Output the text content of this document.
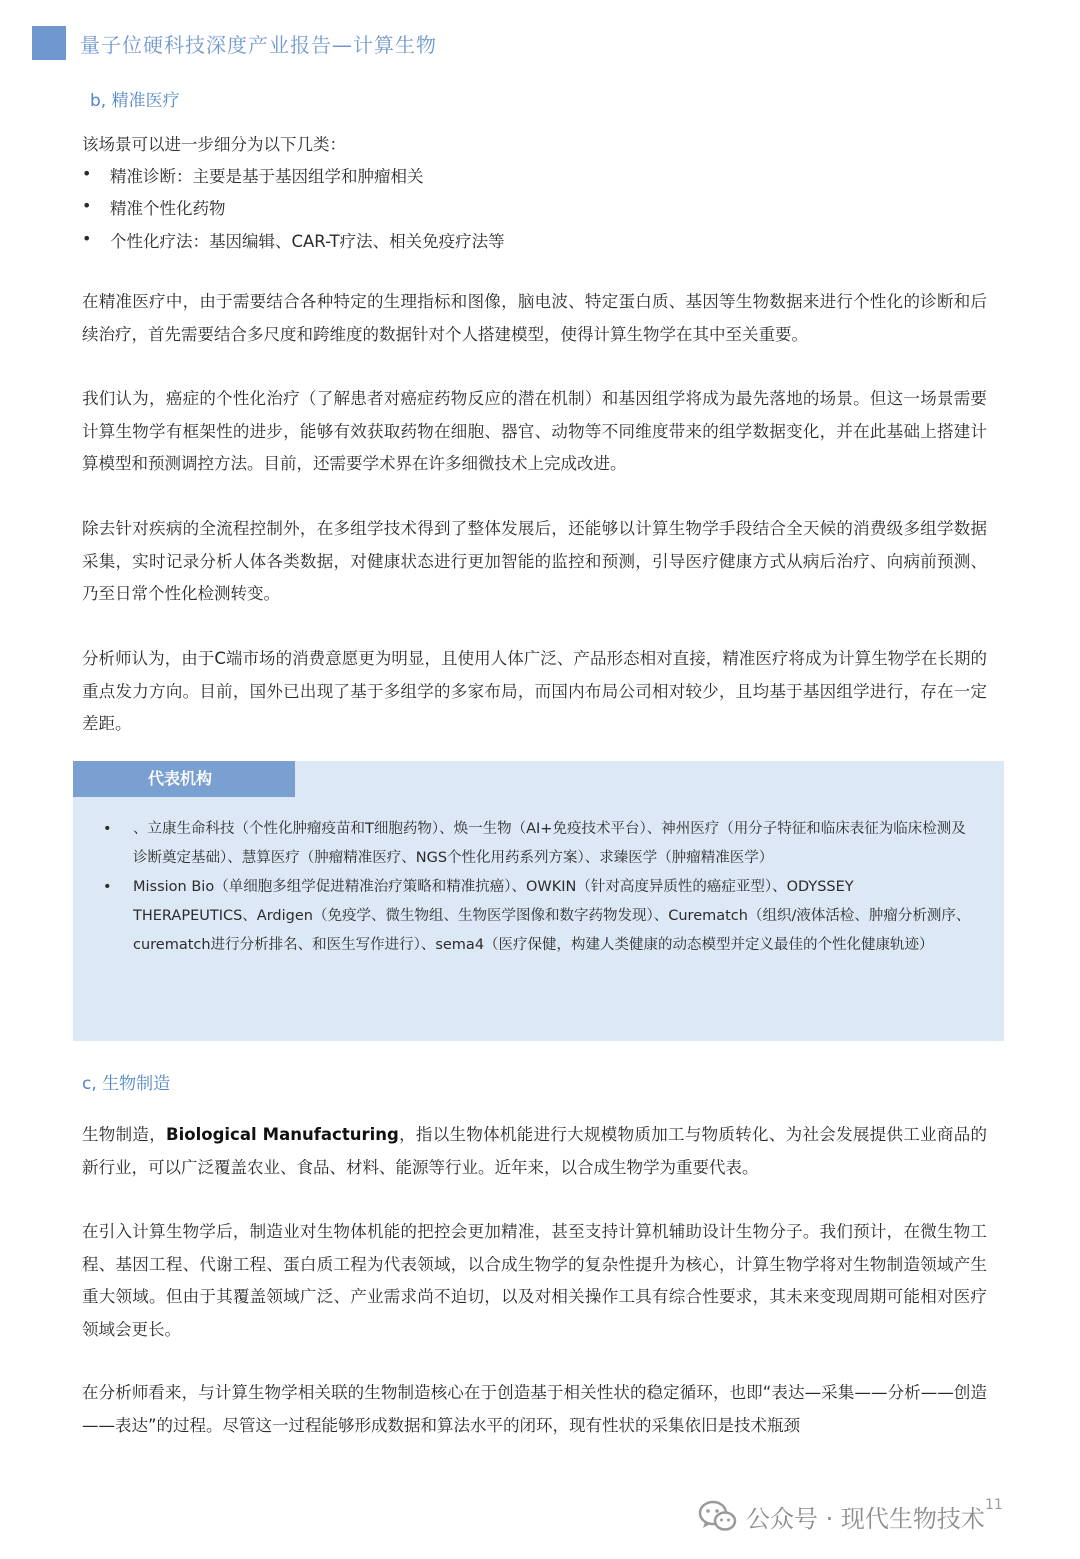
量子位硬科技深度产业报告—计算生物
b, 精准医疗
该场景可以进一步细分为以下几类：
• 精准诊断：主要是基于基因组学和肿瘤相关
• 精准个性化药物
• 个性化疗法：基因编辑、CAR-T疗法、相关免疫疗法等

在精准医疗中，由于需要结合各种特定的生理指标和图像，脑电波、特定蛋白质、基因等生物数据来进行个性化的诊断和后续治疗，首先需要结合多尺度和跨维度的数据针对个人搭建模型，使得计算生物学在其中至关重要。

我们认为，癌症的个性化治疗（了解患者对癌症药物反应的潜在机制）和基因组学将成为最先落地的场景。但这一场景需要计算生物学有框架性的进步，能够有效获取药物在细胞、器官、动物等不同维度带来的组学数据变化，并在此基础上搭建计算模型和预测调控方法。目前，还需要学术界在许多细微技术上完成改进。

除去针对疾病的全流程控制外，在多组学技术得到了整体发展后，还能够以计算生物学手段结合全天候的消费级多组学数据采集，实时记录分析人体各类数据，对健康状态进行更加智能的监控和预测，引导医疗健康方式从病后治疗、向病前预测、乃至日常个性化检测转变。

分析师认为，由于C端市场的消费意愿更为明显，且使用人体广泛、产品形态相对直接，精准医疗将成为计算生物学在长期的重点发力方向。目前，国外已出现了基于多组学的多家布局，而国内布局公司相对较少，且均基于基因组学进行，存在一定差距。

代表机构
• 、立康生命科技（个性化肿瘤疫苗和T细胞药物）、焕一生物（AI+免疫技术平台）、神州医疗（用分子特征和临床表征为临床检测及诊断奠定基础）、慧算医疗（肿瘤精准医疗、NGS个性化用药系列方案）、求臻医学（肿瘤精准医学）
• Mission Bio（单细胞多组学促进精准治疗策略和精准抗癌）、OWKIN（针对高度异质性的癌症亚型）、ODYSSEY THERAPEUTICS、Ardigen（免疫学、微生物组、生物医学图像和数字药物发现）、Curematch（组织/液体活检、肿瘤分析测序、curematch进行分析排名、和医生写作进行）、sema4（医疗保健，构建人类健康的动态模型并定义最佳的个性化健康轨迹）
c, 生物制造

生物制造，Biological Manufacturing，指以生物体机能进行大规模物质加工与物质转化、为社会发展提供工业商品的新行业，可以广泛覆盖农业、食品、材料、能源等行业。近年来，以合成生物学为重要代表。

在引入计算生物学后，制造业对生物体机能的把控会更加精准，甚至支持计算机辅助设计生物分子。我们预计，在微生物工程、基因工程、代谢工程、蛋白质工程为代表领域，以合成生物学的复杂性提升为核心，计算生物学将对生物制造领域产生重大领域。但由于其覆盖领域广泛、产业需求尚不迫切，以及对相关操作工具有综合性要求，其未来变现周期可能相对医疗领域会更长。

在分析师看来，与计算生物学相关联的生物制造核心在于创造基于相关性状的稳定循环，也即“表达—采集——分析——创造——表达”的过程。尽管这一过程能够形成数据和算法水平的闭环，现有性状的采集依旧是技术瓶颈

11
公众号 · 现代生物技术
